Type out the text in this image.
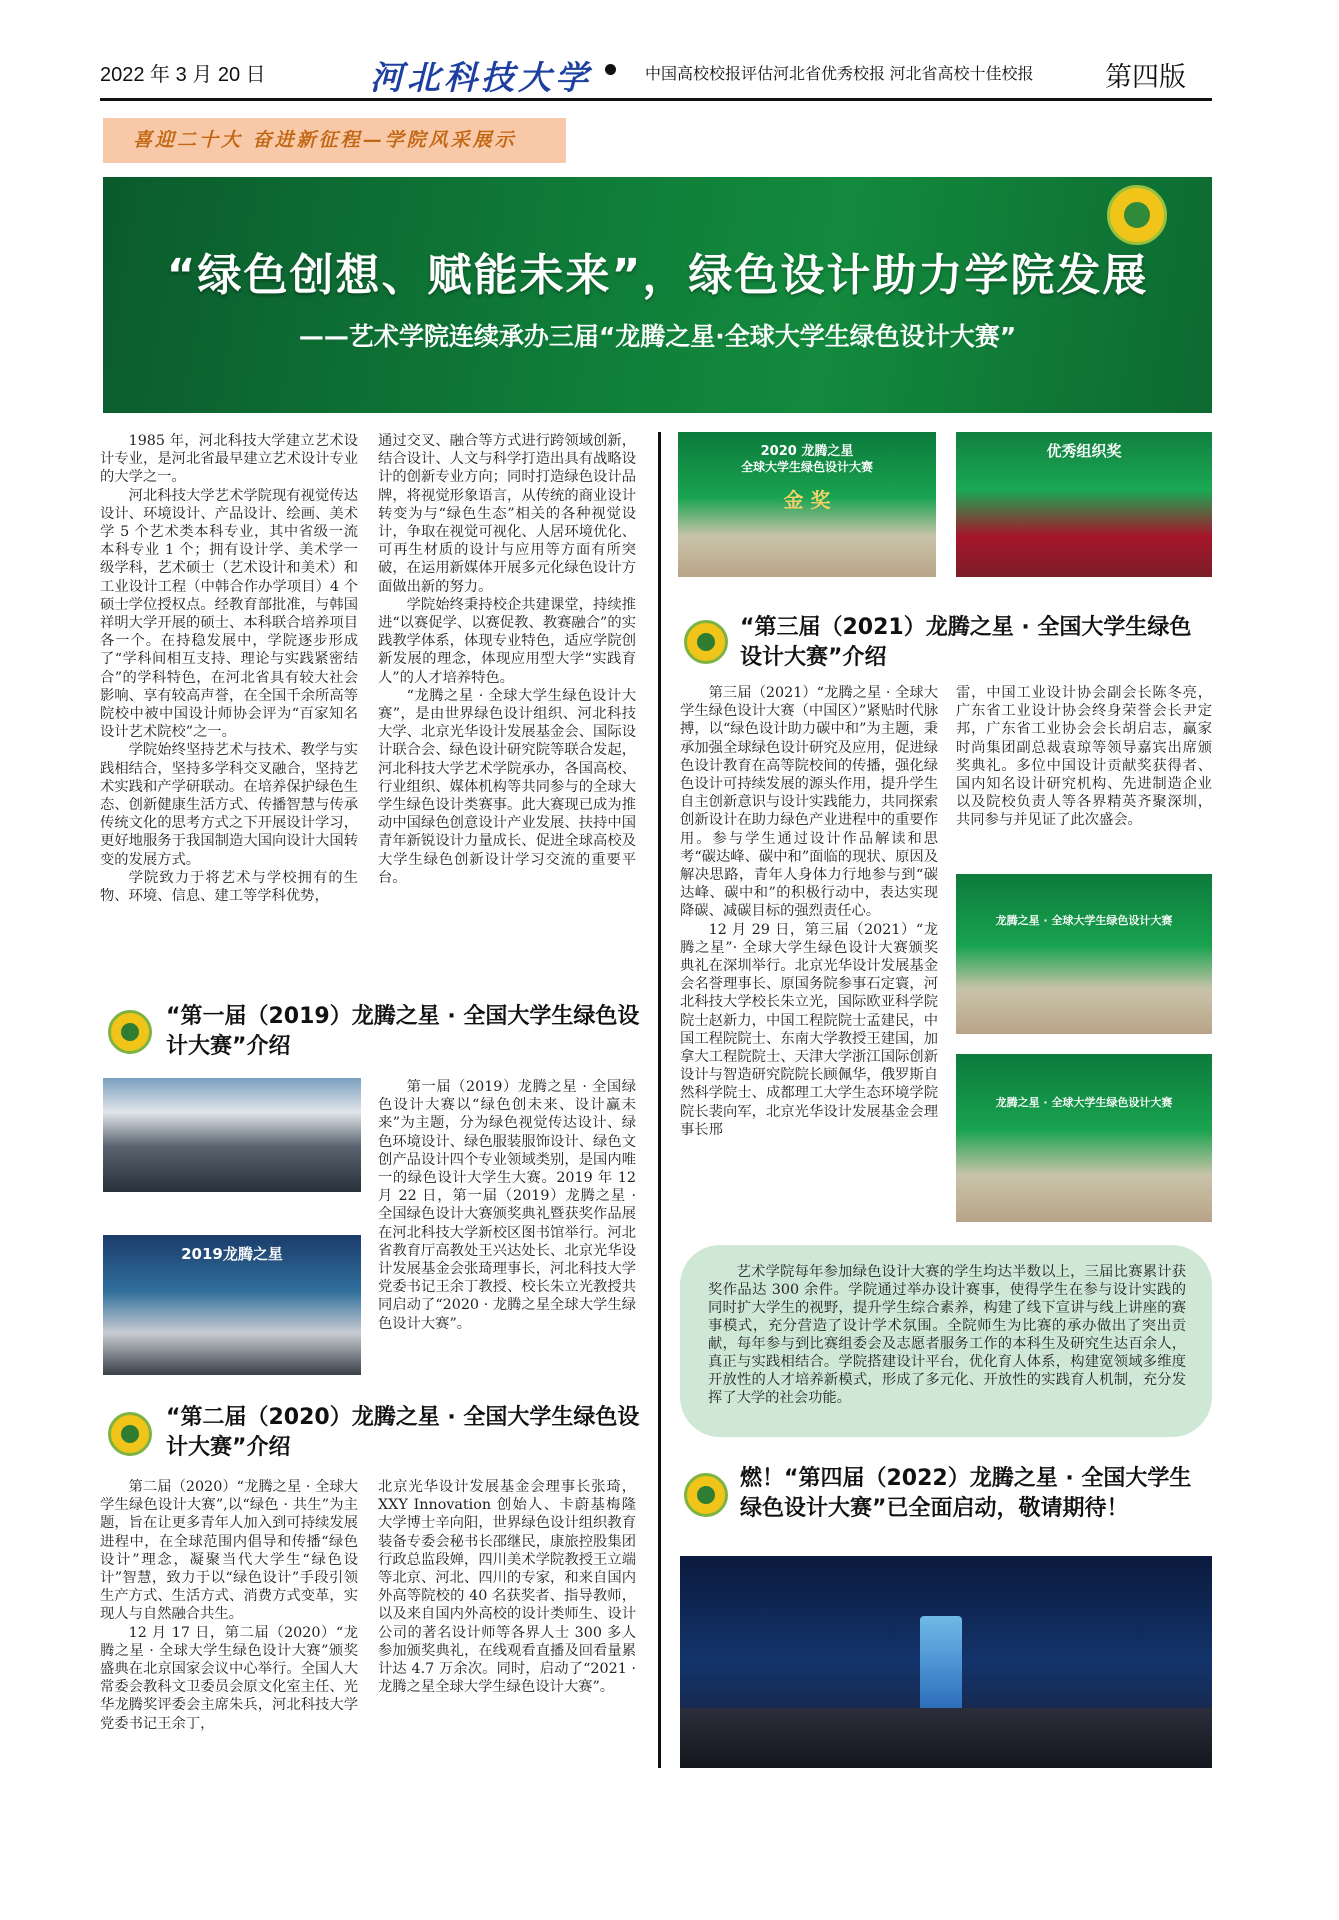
2022 年 3 月 20 日	河北科技大学	中国高校校报评估河北省优秀校报 河北省高校十佳校报	第四版
喜迎二十大 奋进新征程—学院风采展示
“绿色创想、赋能未来”，绿色设计助力学院发展
——艺术学院连续承办三届“龙腾之星·全球大学生绿色设计大赛”

1985 年，河北科技大学建立艺术设计专业，是河北省最早建立艺术设计专业的大学之一。

河北科技大学艺术学院现有视觉传达设计、环境设计、产品设计、绘画、美术学 5 个艺术类本科专业，其中省级一流本科专业 1 个；拥有设计学、美术学一级学科，艺术硕士（艺术设计和美术）和工业设计工程（中韩合作办学项目）4 个硕士学位授权点。经教育部批准，与韩国祥明大学开展的硕士、本科联合培养项目各一个。在持稳发展中，学院逐步形成了“学科间相互支持、理论与实践紧密结合”的学科特色，在河北省具有较大社会影响、享有较高声誉，在全国千余所高等院校中被中国设计师协会评为“百家知名设计艺术院校”之一。

学院始终坚持艺术与技术、教学与实践相结合，坚持多学科交叉融合，坚持艺术实践和产学研联动。在培养保护绿色生态、创新健康生活方式、传播智慧与传承传统文化的思考方式之下开展设计学习，更好地服务于我国制造大国向设计大国转变的发展方式。

学院致力于将艺术与学校拥有的生物、环境、信息、建工等学科优势，

通过交叉、融合等方式进行跨领域创新，结合设计、人文与科学打造出具有战略设计的创新专业方向；同时打造绿色设计品牌，将视觉形象语言，从传统的商业设计转变为与“绿色生态”相关的各种视觉设计，争取在视觉可视化、人居环境优化、可再生材质的设计与应用等方面有所突破，在运用新媒体开展多元化绿色设计方面做出新的努力。

学院始终秉持校企共建课堂，持续推进“以赛促学、以赛促教、教赛融合”的实践教学体系，体现专业特色，适应学院创新发展的理念，体现应用型大学“实践育人”的人才培养特色。

“龙腾之星 · 全球大学生绿色设计大赛”，是由世界绿色设计组织、河北科技大学、北京光华设计发展基金会、国际设计联合会、绿色设计研究院等联合发起，河北科技大学艺术学院承办，各国高校、行业组织、媒体机构等共同参与的全球大学生绿色设计类赛事。此大赛现已成为推动中国绿色创意设计产业发展、扶持中国青年新锐设计力量成长、促进全球高校及大学生绿色创新设计学习交流的重要平台。

“第一届（2019）龙腾之星 · 全国大学生绿色设计大赛”介绍
2019龙腾之星

第一届（2019）龙腾之星 · 全国绿色设计大赛以“绿色创未来、设计赢未来”为主题，分为绿色视觉传达设计、绿色环境设计、绿色服装服饰设计、绿色文创产品设计四个专业领域类别，是国内唯一的绿色设计大学生大赛。2019 年 12 月 22 日，第一届（2019）龙腾之星 · 全国绿色设计大赛颁奖典礼暨获奖作品展在河北科技大学新校区图书馆举行。河北省教育厅高教处王兴达处长、北京光华设计发展基金会张琦理事长，河北科技大学党委书记王余丁教授、校长朱立光教授共同启动了“2020 · 龙腾之星全球大学生绿色设计大赛”。

“第二届（2020）龙腾之星 · 全国大学生绿色设计大赛”介绍

第二届（2020）“龙腾之星 · 全球大学生绿色设计大赛”,以“绿色 · 共生”为主题，旨在让更多青年人加入到可持续发展进程中，在全球范围内倡导和传播“绿色设计”理念，凝聚当代大学生“绿色设计”智慧，致力于以“绿色设计”手段引领生产方式、生活方式、消费方式变革，实现人与自然融合共生。

12 月 17 日，第二届（2020）“龙腾之星 · 全球大学生绿色设计大赛”颁奖盛典在北京国家会议中心举行。全国人大常委会教科文卫委员会原文化室主任、光华龙腾奖评委会主席朱兵，河北科技大学党委书记王余丁，

北京光华设计发展基金会理事长张琦，XXY Innovation 创始人、卡蔚基梅隆大学博士辛向阳，世界绿色设计组织教育装备专委会秘书长邵继民，康旅控股集团行政总监段婵，四川美术学院教授王立端等北京、河北、四川的专家，和来自国内外高等院校的 40 名获奖者、指导教师，以及来自国内外高校的设计类师生、设计公司的著名设计师等各界人士 300 多人参加颁奖典礼，在线观看直播及回看量累计达 4.7 万余次。同时，启动了“2021 · 龙腾之星全球大学生绿色设计大赛”。

2020 龙腾之星
全球大学生绿色设计大赛
金 奖
优秀组织奖
“第三届（2021）龙腾之星 · 全国大学生绿色设计大赛”介绍

第三届（2021）“龙腾之星 · 全球大学生绿色设计大赛（中国区）”紧贴时代脉搏，以“绿色设计助力碳中和”为主题，秉承加强全球绿色设计研究及应用，促进绿色设计教育在高等院校间的传播，强化绿色设计可持续发展的源头作用，提升学生自主创新意识与设计实践能力，共同探索创新设计在助力绿色产业进程中的重要作用。参与学生通过设计作品解读和思考“碳达峰、碳中和”面临的现状、原因及解决思路，青年人身体力行地参与到“碳达峰、碳中和”的积极行动中，表达实现降碳、减碳目标的强烈责任心。

12 月 29 日，第三届（2021）“龙腾之星”· 全球大学生绿色设计大赛颁奖典礼在深圳举行。北京光华设计发展基金会名誉理事长、原国务院参事石定寰，河北科技大学校长朱立光，国际欧亚科学院院士赵新力，中国工程院院士孟建民，中国工程院院士、东南大学教授王建国，加拿大工程院院士、天津大学浙江国际创新设计与智造研究院院长顾佩华，俄罗斯自然科学院士、成都理工大学生态环境学院院长裴向军，北京光华设计发展基金会理事长邢

雷，中国工业设计协会副会长陈冬亮，广东省工业设计协会终身荣誉会长尹定邦，广东省工业协会会长胡启志，赢家时尚集团副总裁袁琼等领导嘉宾出席颁奖典礼。多位中国设计贡献奖获得者、国内知名设计研究机构、先进制造企业以及院校负责人等各界精英齐聚深圳，共同参与并见证了此次盛会。

龙腾之星 · 全球大学生绿色设计大赛
龙腾之星 · 全球大学生绿色设计大赛

艺术学院每年参加绿色设计大赛的学生均达半数以上，三届比赛累计获奖作品达 300 余件。学院通过举办设计赛事，使得学生在参与设计实践的同时扩大学生的视野，提升学生综合素养，构建了线下宣讲与线上讲座的赛事模式，充分营造了设计学术氛围。全院师生为比赛的承办做出了突出贡献，每年参与到比赛组委会及志愿者服务工作的本科生及研究生达百余人，真正与实践相结合。学院搭建设计平台，优化育人体系，构建宽领域多维度开放性的人才培养新模式，形成了多元化、开放性的实践育人机制，充分发挥了大学的社会功能。

燃！“第四届（2022）龙腾之星 · 全国大学生绿色设计大赛”已全面启动，敬请期待！
